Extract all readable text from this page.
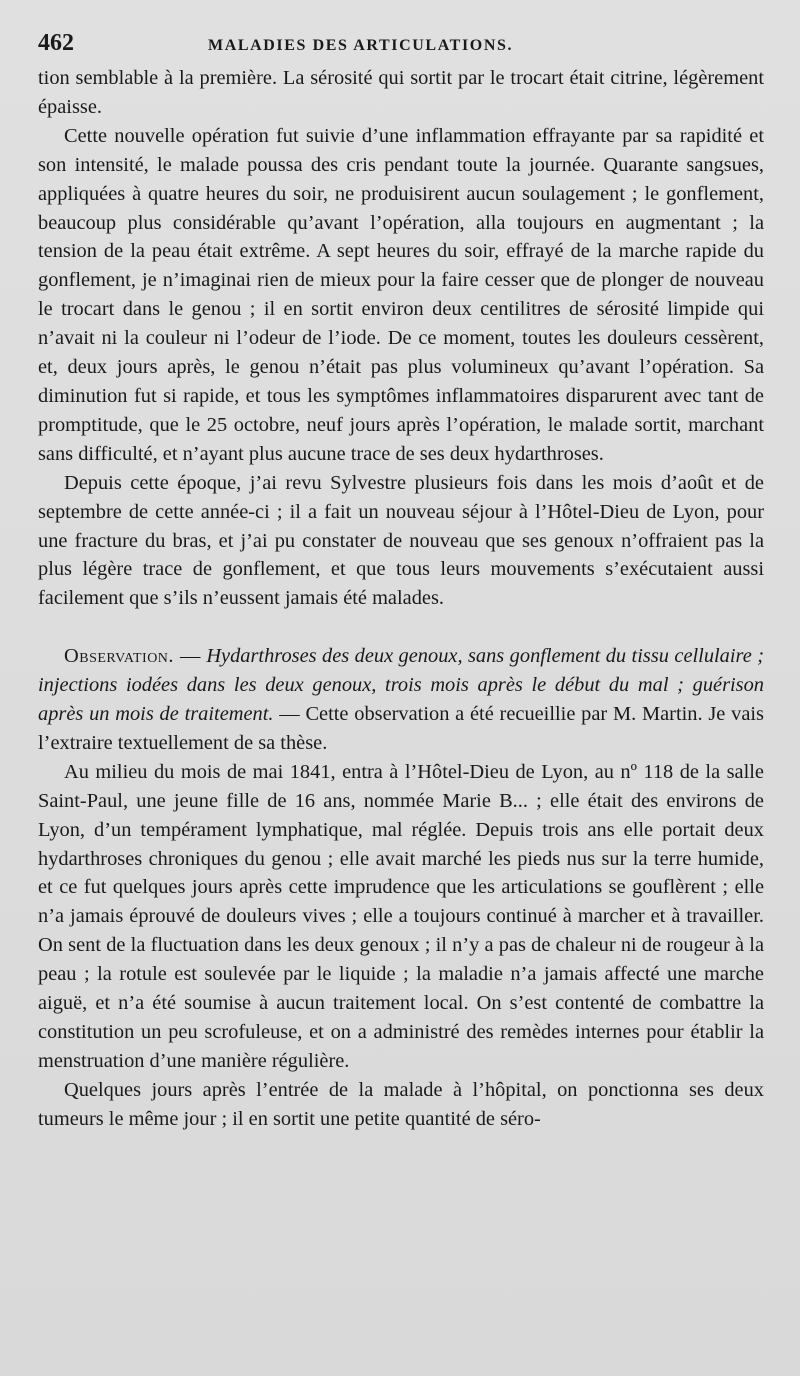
462	MALADIES DES ARTICULATIONS.

tion semblable à la première. La sérosité qui sortit par le trocart était citrine, légèrement épaisse.

Cette nouvelle opération fut suivie d’une inflammation effrayante par sa rapidité et son intensité, le malade poussa des cris pendant toute la journée. Quarante sangsues, appliquées à quatre heures du soir, ne produisirent aucun soulagement ; le gonflement, beaucoup plus considérable qu’avant l’opération, alla toujours en augmentant ; la tension de la peau était extrême. A sept heures du soir, effrayé de la marche rapide du gonflement, je n’imaginai rien de mieux pour la faire cesser que de plonger de nouveau le trocart dans le genou ; il en sortit environ deux centilitres de sérosité limpide qui n’avait ni la couleur ni l’odeur de l’iode. De ce moment, toutes les douleurs cessèrent, et, deux jours après, le genou n’était pas plus volumineux qu’avant l’opération. Sa diminution fut si rapide, et tous les symptômes inflammatoires disparurent avec tant de promptitude, que le 25 octobre, neuf jours après l’opération, le malade sortit, marchant sans difficulté, et n’ayant plus aucune trace de ses deux hydarthroses.

Depuis cette époque, j’ai revu Sylvestre plusieurs fois dans les mois d’août et de septembre de cette année-ci ; il a fait un nouveau séjour à l’Hôtel-Dieu de Lyon, pour une fracture du bras, et j’ai pu constater de nouveau que ses genoux n’offraient pas la plus légère trace de gonflement, et que tous leurs mouvements s’exécutaient aussi facilement que s’ils n’eussent jamais été malades.

Observation. — Hydarthroses des deux genoux, sans gonflement du tissu cellulaire ; injections iodées dans les deux genoux, trois mois après le début du mal ; guérison après un mois de traitement. — Cette observation a été recueillie par M. Martin. Je vais l’extraire textuellement de sa thèse.

Au milieu du mois de mai 1841, entra à l’Hôtel-Dieu de Lyon, au nº 118 de la salle Saint-Paul, une jeune fille de 16 ans, nommée Marie B... ; elle était des environs de Lyon, d’un tempérament lymphatique, mal réglée. Depuis trois ans elle portait deux hydarthroses chroniques du genou ; elle avait marché les pieds nus sur la terre humide, et ce fut quelques jours après cette imprudence que les articulations se gouflèrent ; elle n’a jamais éprouvé de douleurs vives ; elle a toujours continué à marcher et à travailler. On sent de la fluctuation dans les deux genoux ; il n’y a pas de chaleur ni de rougeur à la peau ; la rotule est soulevée par le liquide ; la maladie n’a jamais affecté une marche aiguë, et n’a été soumise à aucun traitement local. On s’est contenté de combattre la constitution un peu scrofuleuse, et on a administré des remèdes internes pour établir la menstruation d’une manière régulière.

Quelques jours après l’entrée de la malade à l’hôpital, on ponctionna ses deux tumeurs le même jour ; il en sortit une petite quantité de séro-
